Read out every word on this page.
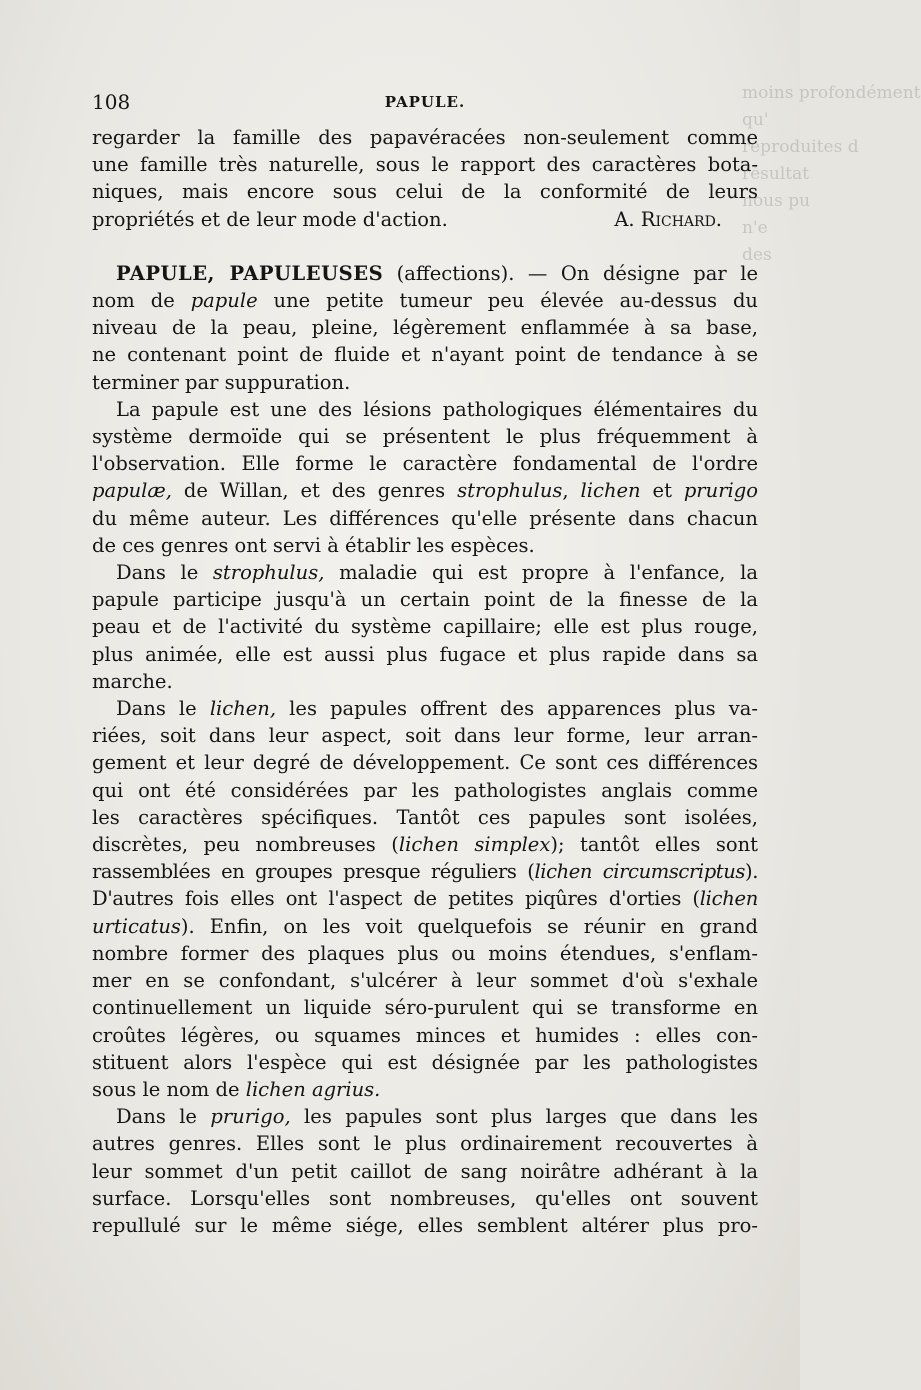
moins profondément
qu'
reproduites d
résultat
nous pu
n'e
des
108	PAPULE.

regarder la famille des papavéracées non-seulement comme
une famille très naturelle, sous le rapport des caractères bota-
niques, mais encore sous celui de la conformité de leurs
propriétés et de leur mode d'action.	A. Richard.

PAPULE, PAPULEUSES (affections). — On désigne par le

nom de papule une petite tumeur peu élevée au-dessus du
niveau de la peau, pleine, légèrement enflammée à sa base,
ne contenant point de fluide et n'ayant point de tendance à se
terminer par suppuration.

La papule est une des lésions pathologiques élémentaires du
système dermoïde qui se présentent le plus fréquemment à
l'observation. Elle forme le caractère fondamental de l'ordre
papulæ, de Willan, et des genres strophulus, lichen et prurigo
du même auteur. Les différences qu'elle présente dans chacun
de ces genres ont servi à établir les espèces.

Dans le strophulus, maladie qui est propre à l'enfance, la
papule participe jusqu'à un certain point de la finesse de la
peau et de l'activité du système capillaire; elle est plus rouge,
plus animée, elle est aussi plus fugace et plus rapide dans sa
marche.

Dans le lichen, les papules offrent des apparences plus va-
riées, soit dans leur aspect, soit dans leur forme, leur arran-
gement et leur degré de développement. Ce sont ces différences
qui ont été considérées par les pathologistes anglais comme
les caractères spécifiques. Tantôt ces papules sont isolées,
discrètes, peu nombreuses (lichen simplex); tantôt elles sont
rassemblées en groupes presque réguliers (lichen circumscriptus).
D'autres fois elles ont l'aspect de petites piqûres d'orties (lichen
urticatus). Enfin, on les voit quelquefois se réunir en grand
nombre former des plaques plus ou moins étendues, s'enflam-
mer en se confondant, s'ulcérer à leur sommet d'où s'exhale
continuellement un liquide séro-purulent qui se transforme en
croûtes légères, ou squames minces et humides : elles con-
stituent alors l'espèce qui est désignée par les pathologistes
sous le nom de lichen agrius.

Dans le prurigo, les papules sont plus larges que dans les
autres genres. Elles sont le plus ordinairement recouvertes à
leur sommet d'un petit caillot de sang noirâtre adhérant à la
surface. Lorsqu'elles sont nombreuses, qu'elles ont souvent
repullulé sur le même siége, elles semblent altérer plus pro-
